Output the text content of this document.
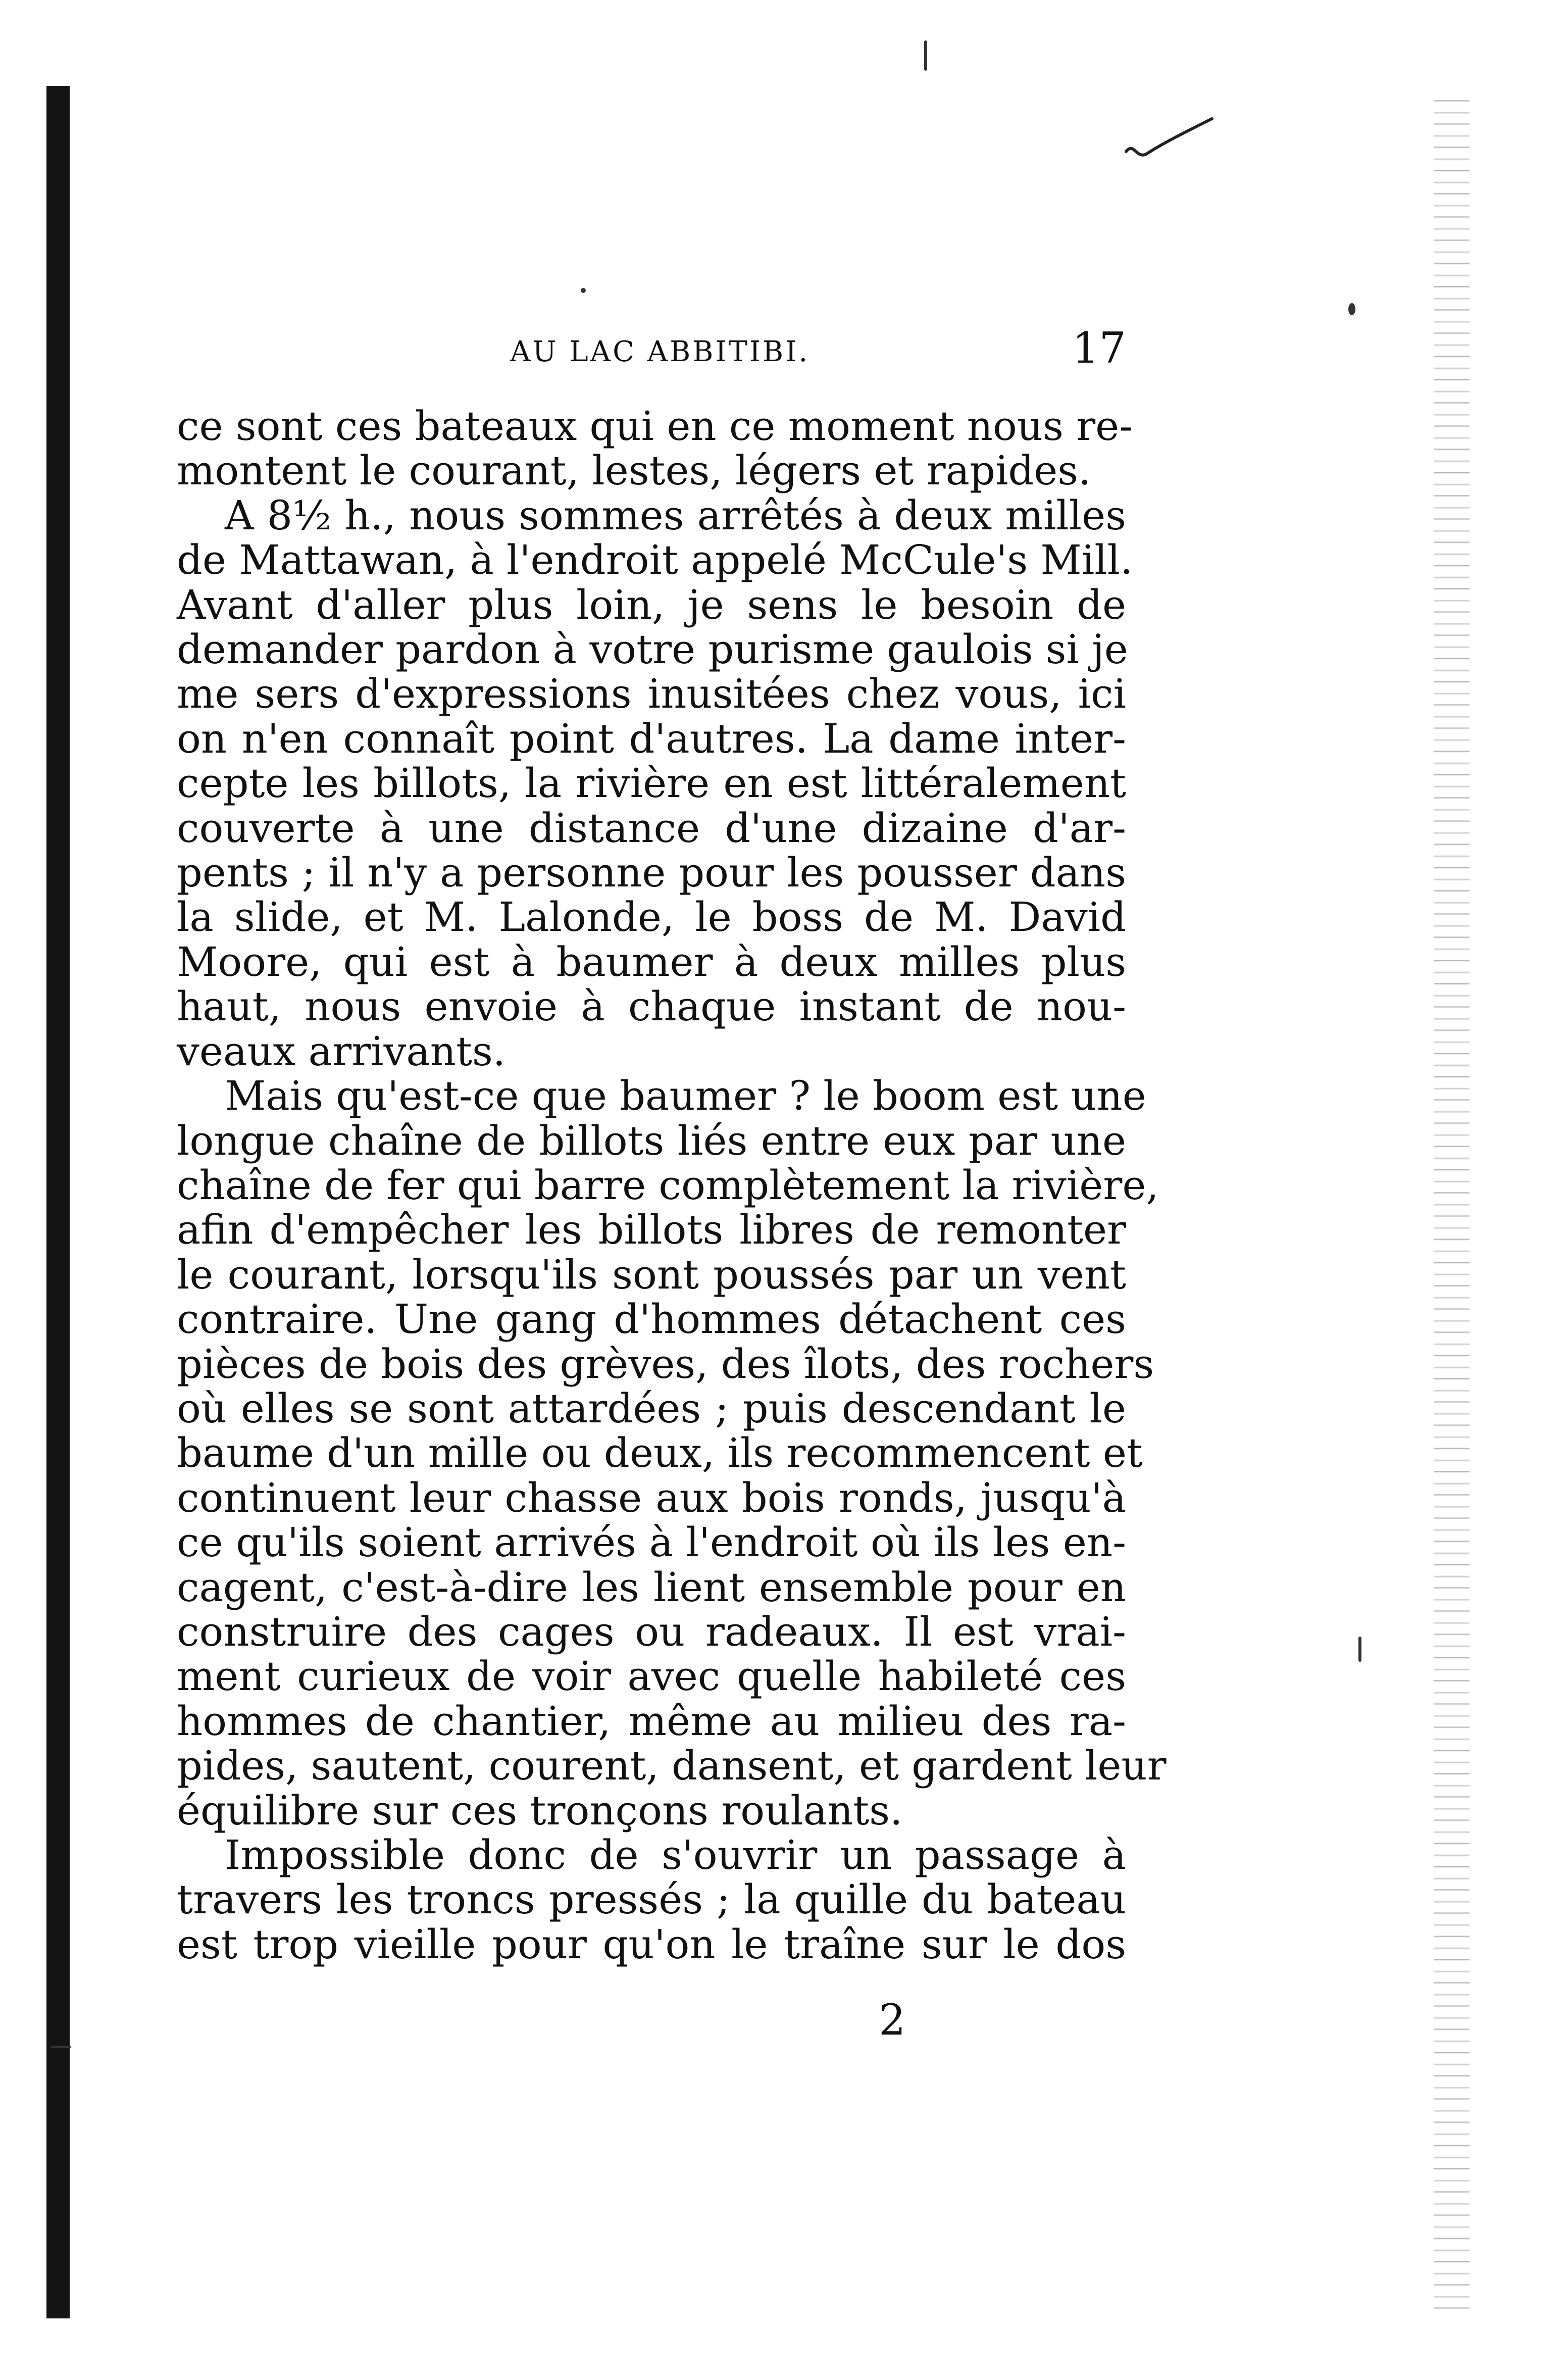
AU LAC ABBITIBI.	17
ce sont ces bateaux qui en ce moment nous re-
montent le courant, lestes, légers et rapides.
A 8½ h., nous sommes arrêtés à deux milles
de Mattawan, à l'endroit appelé McCule's Mill.
Avant d'aller plus loin, je sens le besoin de
demander pardon à votre purisme gaulois si je
me sers d'expressions inusitées chez vous, ici
on n'en connaît point d'autres. La dame inter-
cepte les billots, la rivière en est littéralement
couverte à une distance d'une dizaine d'ar-
pents ; il n'y a personne pour les pousser dans
la slide, et M. Lalonde, le boss de M. David
Moore, qui est à baumer à deux milles plus
haut, nous envoie à chaque instant de nou-
veaux arrivants.
Mais qu'est-ce que baumer ? le boom est une
longue chaîne de billots liés entre eux par une
chaîne de fer qui barre complètement la rivière,
afin d'empêcher les billots libres de remonter
le courant, lorsqu'ils sont poussés par un vent
contraire. Une gang d'hommes détachent ces
pièces de bois des grèves, des îlots, des rochers
où elles se sont attardées ; puis descendant le
baume d'un mille ou deux, ils recommencent et
continuent leur chasse aux bois ronds, jusqu'à
ce qu'ils soient arrivés à l'endroit où ils les en-
cagent, c'est-à-dire les lient ensemble pour en
construire des cages ou radeaux. Il est vrai-
ment curieux de voir avec quelle habileté ces
hommes de chantier, même au milieu des ra-
pides, sautent, courent, dansent, et gardent leur
équilibre sur ces tronçons roulants.
Impossible donc de s'ouvrir un passage à
travers les troncs pressés ; la quille du bateau
est trop vieille pour qu'on le traîne sur le dos
2
